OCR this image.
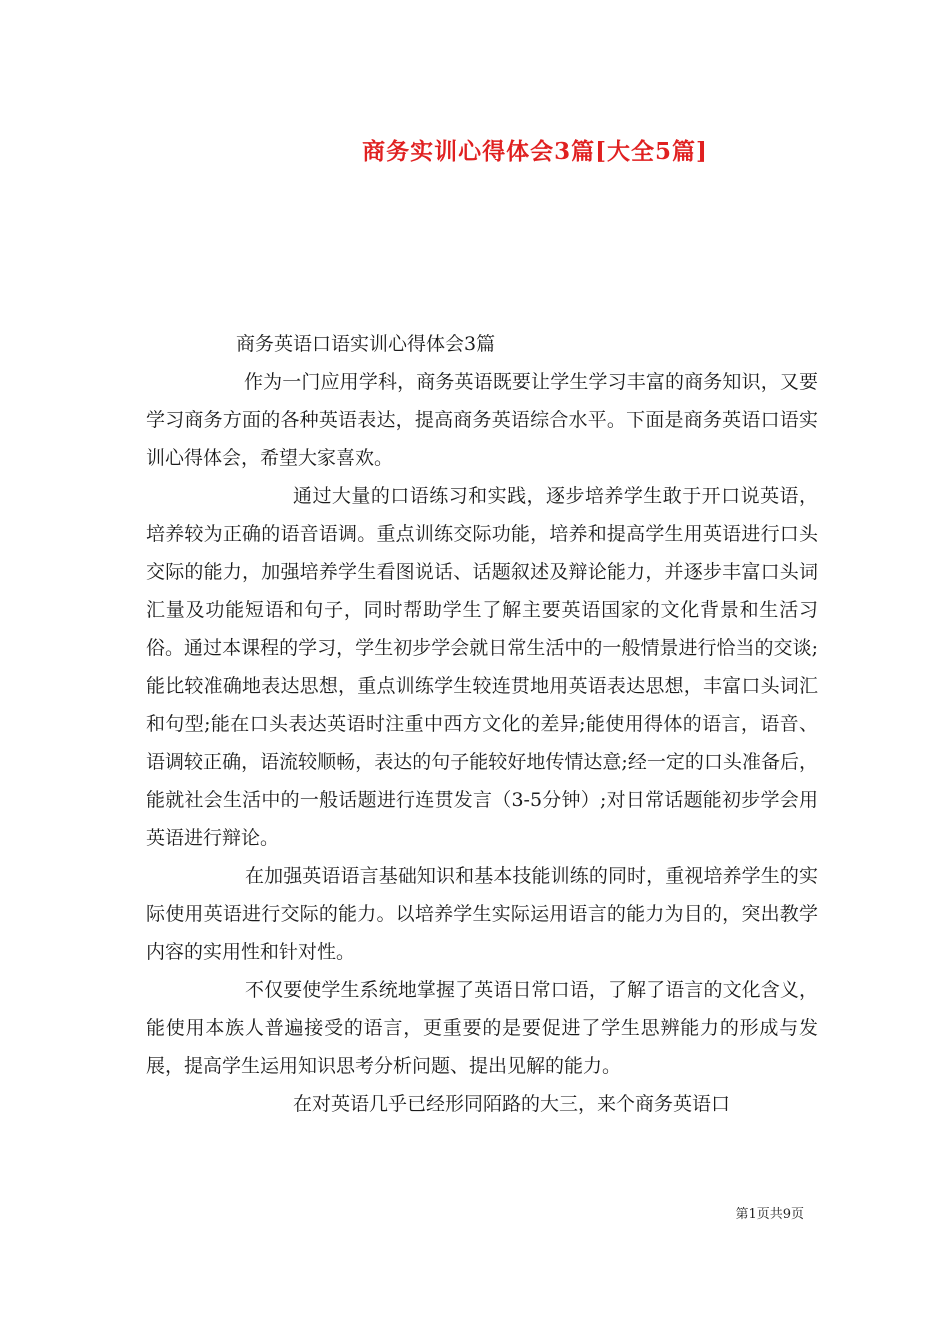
商务实训心得体会3篇[大全5篇]
商务英语口语实训心得体会3篇

作为一门应用学科，商务英语既要让学生学习丰富的商务知识，又要学习商务方面的各种英语表达，提高商务英语综合水平。下面是商务英语口语实训心得体会，希望大家喜欢。

通过大量的口语练习和实践，逐步培养学生敢于开口说英语，培养较为正确的语音语调。重点训练交际功能，培养和提高学生用英语进行口头交际的能力，加强培养学生看图说话、话题叙述及辩论能力，并逐步丰富口头词汇量及功能短语和句子，同时帮助学生了解主要英语国家的文化背景和生活习俗。通过本课程的学习，学生初步学会就日常生活中的一般情景进行恰当的交谈;能比较准确地表达思想，重点训练学生较连贯地用英语表达思想，丰富口头词汇和句型;能在口头表达英语时注重中西方文化的差异;能使用得体的语言，语音、语调较正确，语流较顺畅，表达的句子能较好地传情达意;经一定的口头准备后，能就社会生活中的一般话题进行连贯发言（3-5分钟）;对日常话题能初步学会用英语进行辩论。

在加强英语语言基础知识和基本技能训练的同时，重视培养学生的实际使用英语进行交际的能力。以培养学生实际运用语言的能力为目的，突出教学内容的实用性和针对性。

不仅要使学生系统地掌握了英语日常口语，了解了语言的文化含义，能使用本族人普遍接受的语言，更重要的是要促进了学生思辨能力的形成与发展，提高学生运用知识思考分析问题、提出见解的能力。

在对英语几乎已经形同陌路的大三，来个商务英语口

第1页共9页
